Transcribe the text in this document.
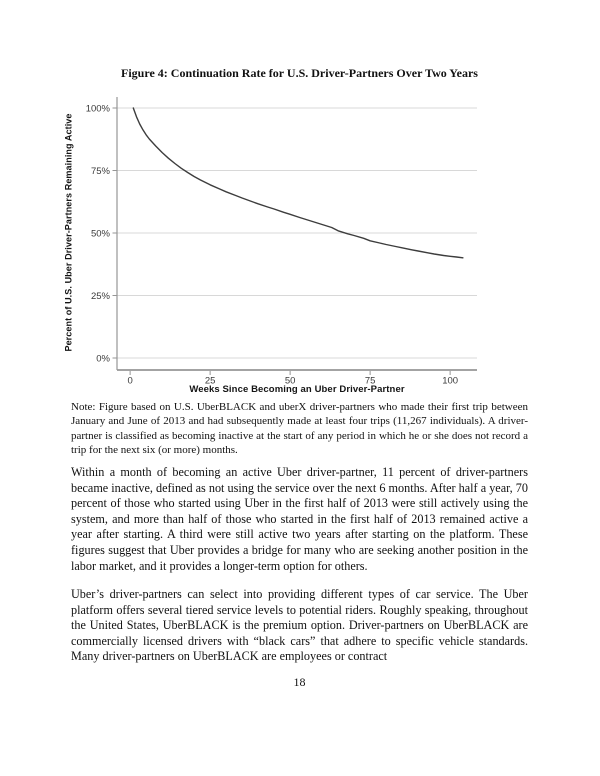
Figure 4: Continuation Rate for U.S. Driver-Partners Over Two Years
0%
25%
50%
75%
100%
0	25	50	75	100
Percent of U.S. Uber Driver-Partners Remaining Active
Weeks Since Becoming an Uber Driver-Partner
Note: Figure based on U.S. UberBLACK and uberX driver-partners who made their first trip between January and June of 2013 and had subsequently made at least four trips (11,267 individuals). A driver-partner is classified as becoming inactive at the start of any period in which he or she does not record a trip for the next six (or more) months.
Within a month of becoming an active Uber driver-partner, 11 percent of driver-partners became inactive, defined as not using the service over the next 6 months. After half a year, 70 percent of those who started using Uber in the first half of 2013 were still actively using the system, and more than half of those who started in the first half of 2013 remained active a year after starting. A third were still active two years after starting on the platform. These figures suggest that Uber provides a bridge for many who are seeking another position in the labor market, and it provides a longer-term option for others.
Uber’s driver-partners can select into providing different types of car service. The Uber platform offers several tiered service levels to potential riders. Roughly speaking, throughout the United States, UberBLACK is the premium option. Driver-partners on UberBLACK are commercially licensed drivers with “black cars” that adhere to specific vehicle standards. Many driver-partners on UberBLACK are employees or contract
18
